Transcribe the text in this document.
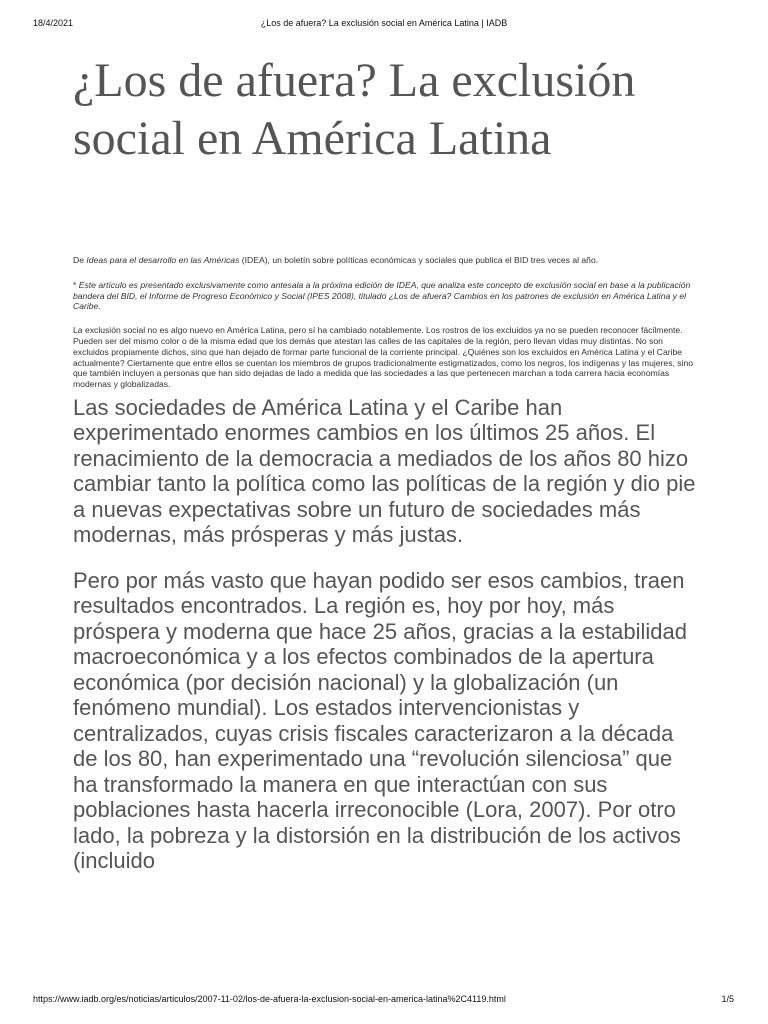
18/4/2021	¿Los de afuera? La exclusión social en América Latina | IADB
¿Los de afuera? La exclusión social en América Latina

De Ideas para el desarrollo en las Américas (IDEA), un boletín sobre políticas económicas y sociales que publica el BID tres veces al año.

* Este artículo es presentado exclusivamente como antesala a la próxima edición de IDEA, que analiza este concepto de exclusión social en base a la publicación bandera del BID, el Informe de Progreso Económico y Social (IPES 2008), titulado ¿Los de afuera? Cambios en los patrones de exclusión en América Latina y el Caribe.

La exclusión social no es algo nuevo en América Latina, pero sí ha cambiado notablemente. Los rostros de los excluidos ya no se pueden reconocer fácilmente. Pueden ser del mismo color o de la misma edad que los demás que atestan las calles de las capitales de la región, pero llevan vidas muy distintas. No son excluidos propiamente dichos, sino que han dejado de formar parte funcional de la corriente principal. ¿Quiénes son los excluidos en América Latina y el Caribe actualmente? Ciertamente que entre ellos se cuentan los miembros de grupos tradicionalmente estigmatizados, como los negros, los indígenas y las mujeres, sino que también incluyen a personas que han sido dejadas de lado a medida que las sociedades a las que pertenecen marchan a toda carrera hacia economías modernas y globalizadas.

Las sociedades de América Latina y el Caribe han experimentado enormes cambios en los últimos 25 años. El renacimiento de la democracia a mediados de los años 80 hizo cambiar tanto la política como las políticas de la región y dio pie a nuevas expectativas sobre un futuro de sociedades más modernas, más prósperas y más justas.

Pero por más vasto que hayan podido ser esos cambios, traen resultados encontrados. La región es, hoy por hoy, más próspera y moderna que hace 25 años, gracias a la estabilidad macroeconómica y a los efectos combinados de la apertura económica (por decisión nacional) y la globalización (un fenómeno mundial). Los estados intervencionistas y centralizados, cuyas crisis fiscales caracterizaron a la década de los 80, han experimentado una “revolución silenciosa” que ha transformado la manera en que interactúan con sus poblaciones hasta hacerla irreconocible (Lora, 2007). Por otro lado, la pobreza y la distorsión en la distribución de los activos (incluido

https://www.iadb.org/es/noticias/articulos/2007-11-02/los-de-afuera-la-exclusion-social-en-america-latina%2C4119.html	1/5
